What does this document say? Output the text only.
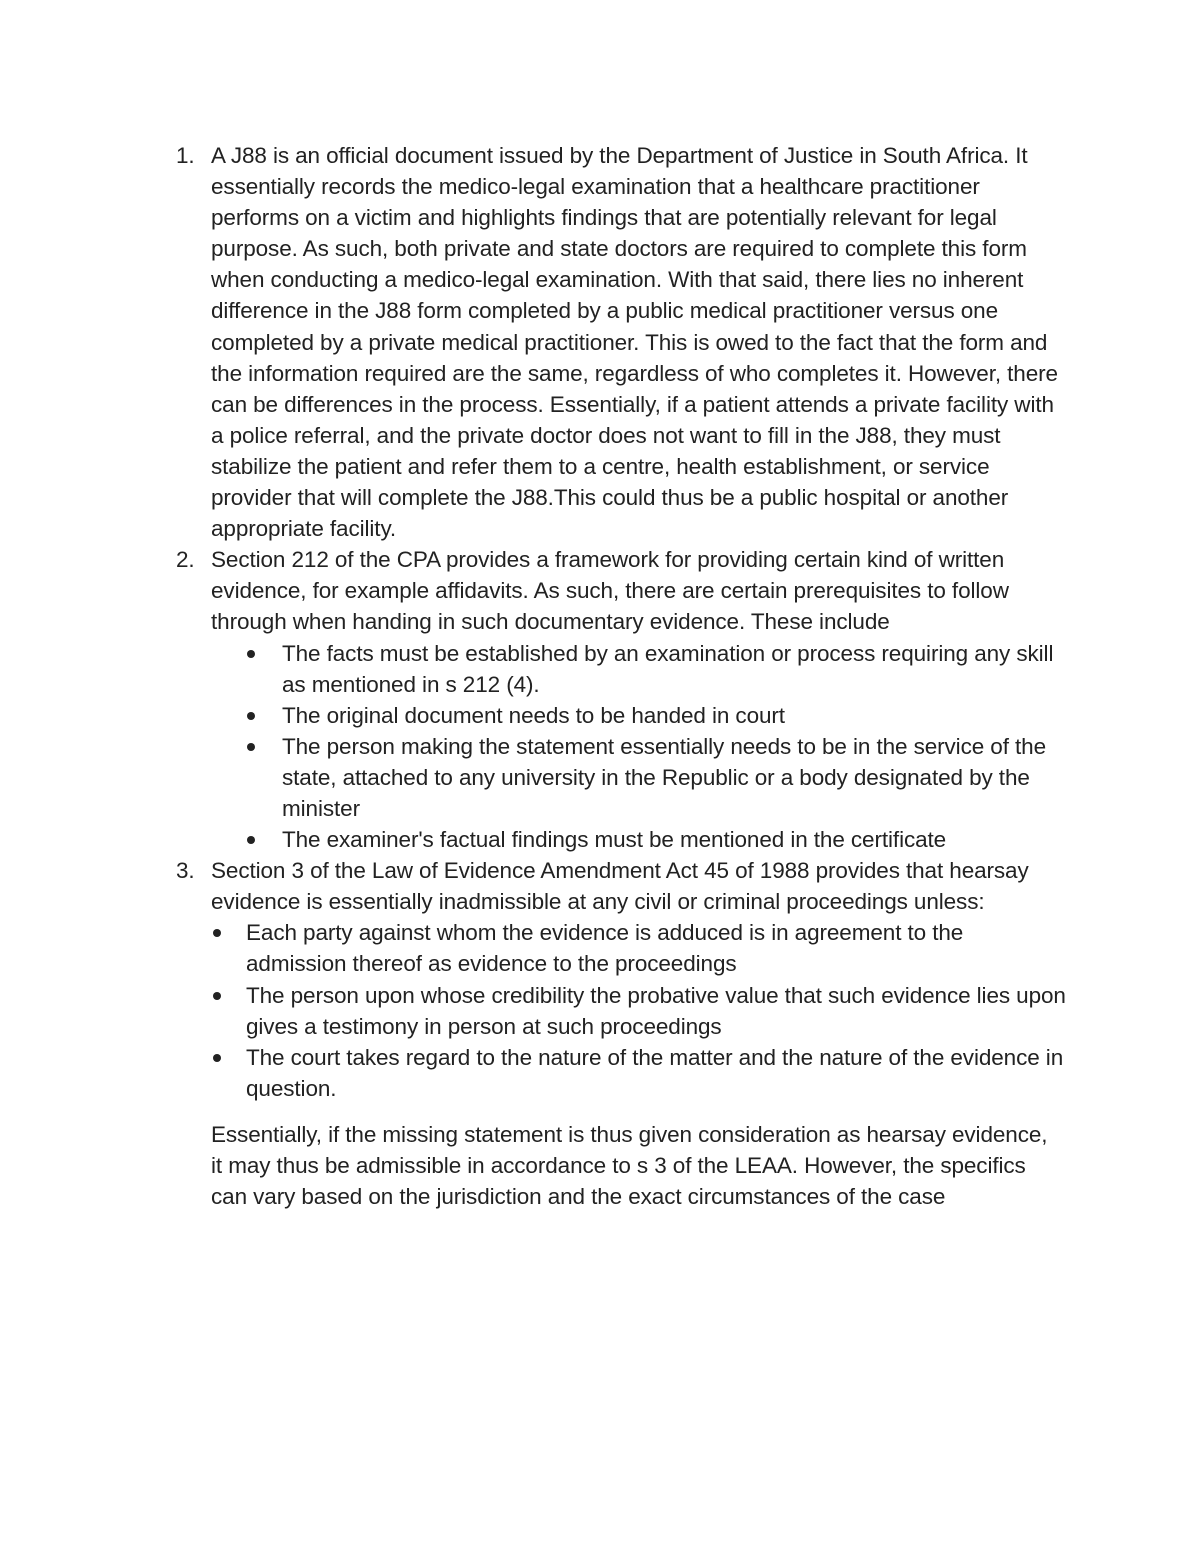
1. A J88 is an official document issued by the Department of Justice in South Africa. It essentially records the medico-legal examination that a healthcare practitioner performs on a victim and highlights findings that are potentially relevant for legal purpose. As such, both private and state doctors are required to complete this form when conducting a medico-legal examination. With that said, there lies no inherent difference in the J88 form completed by a public medical practitioner versus one completed by a private medical practitioner. This is owed to the fact that the form and the information required are the same, regardless of who completes it. However, there can be differences in the process. Essentially, if a patient attends a private facility with a police referral, and the private doctor does not want to fill in the J88, they must stabilize the patient and refer them to a centre, health establishment, or service provider that will complete the J88.This could thus be a public hospital or another appropriate facility.
2. Section 212 of the CPA provides a framework for providing certain kind of written evidence, for example affidavits. As such, there are certain prerequisites to follow through when handing in such documentary evidence. These include
The facts must be established by an examination or process requiring any skill as mentioned in s 212 (4).
The original document needs to be handed in court
The person making the statement essentially needs to be in the service of the state, attached to any university in the Republic or a body designated by the minister
The examiner's factual findings must be mentioned in the certificate
3. Section 3 of the Law of Evidence Amendment Act 45 of 1988 provides that hearsay evidence is essentially inadmissible at any civil or criminal proceedings unless:
Each party against whom the evidence is adduced is in agreement to the admission thereof as evidence to the proceedings
The person upon whose credibility the probative value that such evidence lies upon gives a testimony in person at such proceedings
The court takes regard to the nature of the matter and the nature of the evidence in question.
Essentially, if the missing statement is thus given consideration as hearsay evidence, it may thus be admissible in accordance to s 3 of the LEAA. However, the specifics can vary based on the jurisdiction and the exact circumstances of the case
